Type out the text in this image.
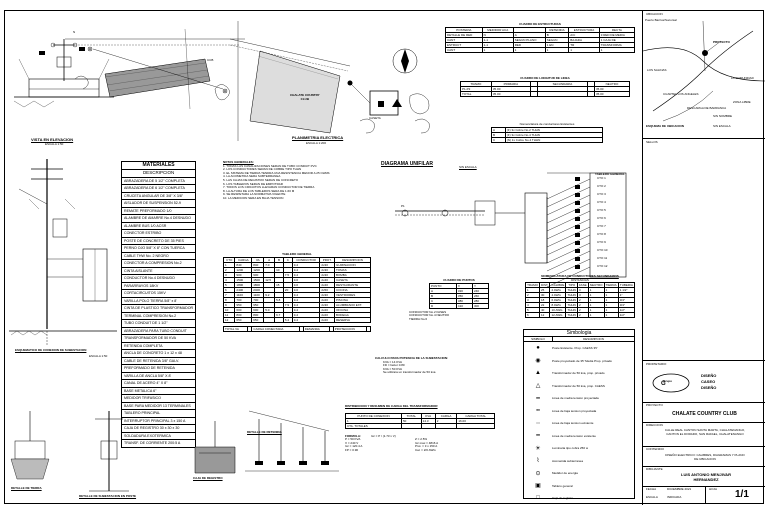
VISTA EN ELEVACION
ESCALA 1:50
N
CCB
CHALATE COUNTRY
CLUB
CASETA
PLANIMETRIA ELECTRICA
ESCALA 1:200
ESQUEMATICO DE CONEXION DE SUBESTACION
ESCALA 1:50
MATERIALES
DESCRIPCION
ABRAZADERA DE 5 1/2" COMPLETA
ABRAZADERA DE 6 1/2" COMPLETA
CRUCETA ANGULAR DE 3/8" X 3/8"
AISLADOR DE SUSPENSION 52-9
REMATE PREFORMADO 1/0
ALAMBRE DE AMARRE No.4 DESNUDO
ALAMBRE BUS 1/0 ACSR
CONECTOR ESTRIBO
POSTE DE CONCRETO DE 35 PIES
PERNO OJO 5/8" X 8" CON TUERCA
CABLE THW No. 2 NEGRO
CONECTOR A COMPRESION No.2
CINTA AISLANTE
CONDUCTOR No.4 DESNUDO
PARARRAYOS 18KV
CORTACIRCUITOS 15KV
VARILLA POLO TIERRA 5/8" x 8'
CINTA DE PLASTICO TRANSFORMADOR
TERMINAL COMPRESION No.2
TUBO CONDUIT DE 1 1/2"
ABRAZADERA PARA TUBO CONDUIT
TRANSFORMADOR DE 50 KVA
RETENIDA COMPLETA
ANCLA DE CONCRETO 1 x 12 x 48
CABLE DE RETENIDA 3/8" GALV.
PREFORMADO DE RETENIDA
VARILLA DE ANCLA 5/8" X 8'
CANAL DE ACERO 4" X 8"
BASE METALICA 6"
MEDIDOR TRIFASICO
BASE PARA MEDIDOR 13 TERMINALES
TABLERO PRINCIPAL
INTERRUPTOR PRINCIPAL 3 x 150 A
CAJA DE REGISTRO 30 x 30 x 30
SOLDADURA EXOTERMICA
TRANSF. DE CORRIENTE 200:5 A
NOTAS GENERALES:
1. TODAS LAS CANALIZACIONES SERAN DE TUBO CONDUIT PVC
2. LOS CONDUCTORES SERAN DE COBRE TIPO THHN
3. EL SISTEMA DE TIERRA TENDRA UNA RESISTENCIA MENOR A 25 OHMS
4. LA ACOMETIDA SERA SUBTERRANEA
5. LAS CAJAS DE REGISTRO SERAN DE CONCRETO
6. LOS TABLEROS SERAN DE EMPOTRAR
7. TODOS LOS CIRCUITOS LLEVARAN CONDUCTOR DE TIERRA
8. LA ALTURA DE LOS TABLEROS SERA DE 1.60 M
9. SE RESPETARA LA NORMATIVA VIGENTE
10. LA MEDICION SERA EN BAJA TENSION
TABLERO GENERAL
CTO	CARGA	VA	A	B	C	CONDUCTOR	PROT.	DESCRIPCION
1	840	840	7.0			3-4	2x30	ILUMINACION
2	1200	1200		10		3-4	2x30	TOMAS
3	900	900			7.5	3-4	2x30	BOMBA
4	1500	1500	12.5			3-6	2x40	CASETA
5	1800	1800		15		3-6	2x40	RESTAURANTE
6	2400	2400			20	3-6	2x50	COCINA
7	1100	1100	9.2			3-4	2x30	VESTIDORES
8	700	700		5.8		3-4	2x20	PISCINA
9	950	950			7.9	3-4	2x30	ALUMBRADO EXT.
10	600	600	5.0			3-4	2x20	OFICINA
11	800	800		6.7		3-4	2x20	BODEGA
12	650	650			5.4	3-4	2x20	RESERVA
TOTAL VA		CARGA CONECTADA		DEMANDA		PROTECCION	
DIAGRAMA UNIFILAR	SIN ESCALA
P1
TABLERO GENERAL
CTO 1
CTO 2
CTO 3
CTO 4
CTO 5
CTO 6
CTO 7
CTO 8
CTO 9
CTO 10
CTO 11
CTO 12
CUADRO DE ESTRUCTURAS
POSTERIA	MEDIDOR ACA		RETENIDA	ESTRUCTURA	RECTA
DETALLE DE RED	N	A	B	A/C	3 RED DE MEDIA
CANT	1-1	SEGUN PLANO	SEGUN	BAJADA	1 CAJA DE
ESTRUCT	1-1	RED	1 EN	TR	TRANSFORMA
CANT	1	1	1	1	1
CUADRO DE LONGITUD DE LINEA
TRAMO	PRIMARIA		SECUNDARIA		NEUTRO
P1-P2	35.00				35.00
TOTAL	35.00				35.00
Nomenclatura de conductores Existentes
A	(F) 3x Cobre No.2 THHN
B	(F) 3x Cobre No.4 THHN
C	(N) 1x Cobre No.4 THHN
CUADRO DE PUNTOS
PUNTO	X	Y
A	320	240
B	350	260
C	380	280
D	410	300
CONDUCTOR No.2 FASES
CONDUCTOR No.4 NEUTRO
TIERRA No.6
NOMENCLATURA DE CONDUCTORES SECUNDARIOS
DISTANCIAS
TRAMO	DIST.	CALIBRE	TIPO	FASE	NEUTRO	TIERRA	TUBERIA
1	25	2 AWG	THHN	3	1	1	1 1/2"
2	30	4 AWG	THHN	3	1	1	1"
3	18	6 AWG	THHN	2	1	1	3/4"
4	22	8 AWG	THHN	2	1	1	3/4"
5	40	10 AWG	THHN	2	1	1	1/2"
6	12	12 AWG	THHN	2	1	1	1/2"
Simbologia
SIMBOLO	DESCRIPCION
●	Poste Existente. Prop. CAESS 35'
◉	Poste proyectado de 35' Media Prop. privado
▲	Transformador de 50 kva, prop. privado
△	Transformador de 50 kva, prop. CAESS
━	Linea de media tension proyectada
╍	Linea de baja tension proyectada
┄	Linea de baja tension existente
━	Linea de media tension existente
☀	Luminaria tipo cobra 250 w
⌇	Acometida subterranea
⊙	Medidor de energia
▣	Tablero general
□	Caja de registro
CALCULO PARA POTENCIA DE LA SUBESTACION:
KVA = 14 KVA
FD = factor 0.80
KVA = 50 KVA
Se utilizara un transformador de 50 kva
DISTRIBUCION Y RESUMEN DE CARGA DEL TRANSFORMADOR
PUNTO DE CONEXION	TOTAL	KVA	CARGA	CARGA TOTAL
1	50	14.3	2	16.00
CTA. TOTALES				
FORMULA:	Icc = P / (1.73 x V)
P = 50 KVA
V = 240 V
Icc = 120.4 A
FP = 0.90
Z = 2.5%
Icc max = 4816 A
Prot. = 3 x 150 A
Cal. = 2/0 AWG
DETALLE DE TIERRA
DETALLE DE SUBESTACION EN POSTE
CAJA DE REGISTRO
DETALLE DE RETENIDA
UBICACION
Puerto Barrios/Sucursal
PROYECTO
LOS SALINAS
LA COMUNIDAD
CUARTEL LOS ANGELES
ZONA LIBRE
DESCARGA DE BARRANCA
SIN NOMBRE
ESQUEMA DE UBICACION	SIN ESCALA
SELLOS
PROPIETARIO
G
Grupo
DISEÑO
CASEO
DISEÑO
PROYECTO
CHALATE COUNTRY CLUB
DIRECCION
CALLE REAL CANTON SANTA MARTA, CHALATENANGO, CANTON EL DORADO, SAN RAFAEL, CHALATENANGO
CONTENIDO
DISEÑO ELECTRICO: CALIBRES, DIAGRAMAS Y PLANO DE UBICACION
DIBUJANTE
LUIS ANTONIO MENJIVAR HERNANDEZ
FECHA	DICIEMBRE 2021
ESCALA	INDICADA
HOJA 1/1
